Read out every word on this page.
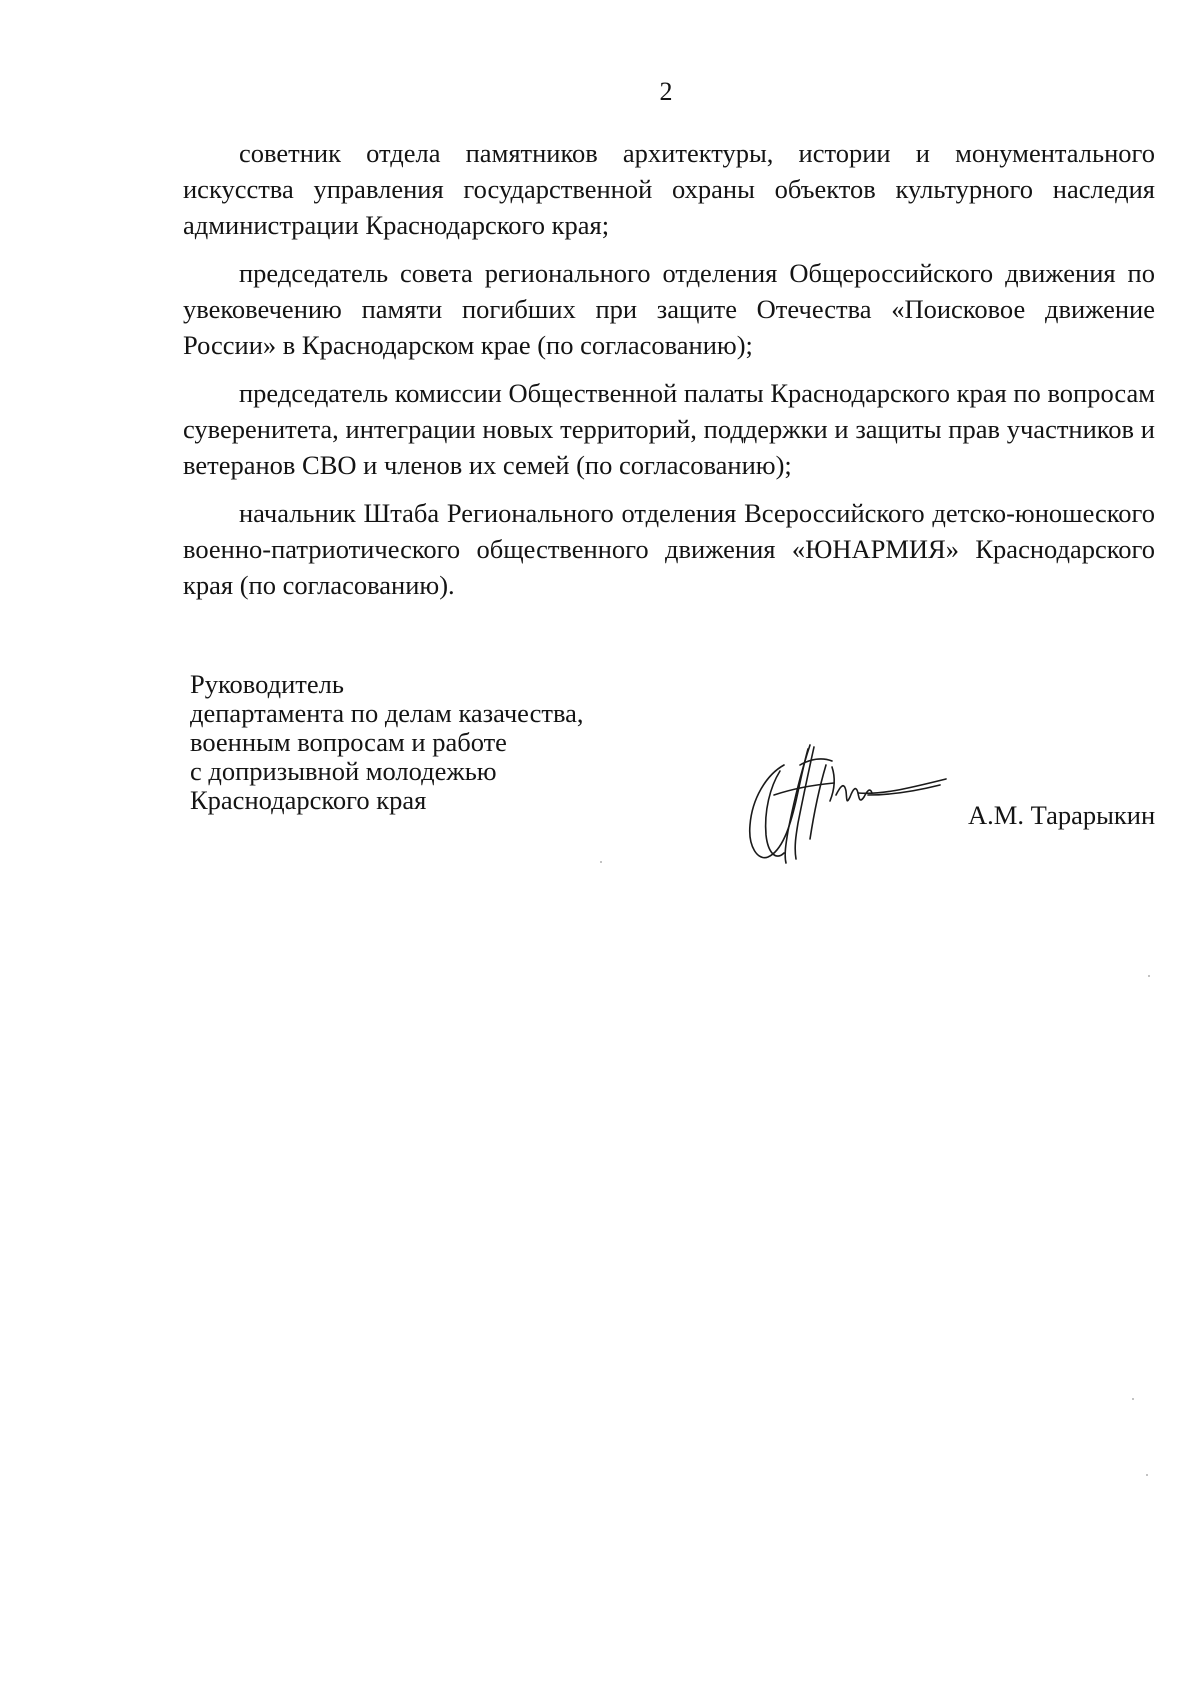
2

советник отдела памятников архитектуры, истории и монументального искусства управления государственной охраны объектов культурного наследия администрации Краснодарского края;

председатель совета регионального отделения Общероссийского движения по увековечению памяти погибших при защите Отечества «Поисковое движение России» в Краснодарском крае (по согласованию);

председатель комиссии Общественной палаты Краснодарского края по вопросам суверенитета, интеграции новых территорий, поддержки и защиты прав участников и ветеранов СВО и членов их семей (по согласованию);

начальник Штаба Регионального отделения Всероссийского детско-юношеского военно-патриотического общественного движения «ЮНАРМИЯ» Краснодарского края (по согласованию).

Руководитель
департамента по делам казачества,
военным вопросам и работе
с допризывной молодежью
Краснодарского края	А.М. Тарарыкин
